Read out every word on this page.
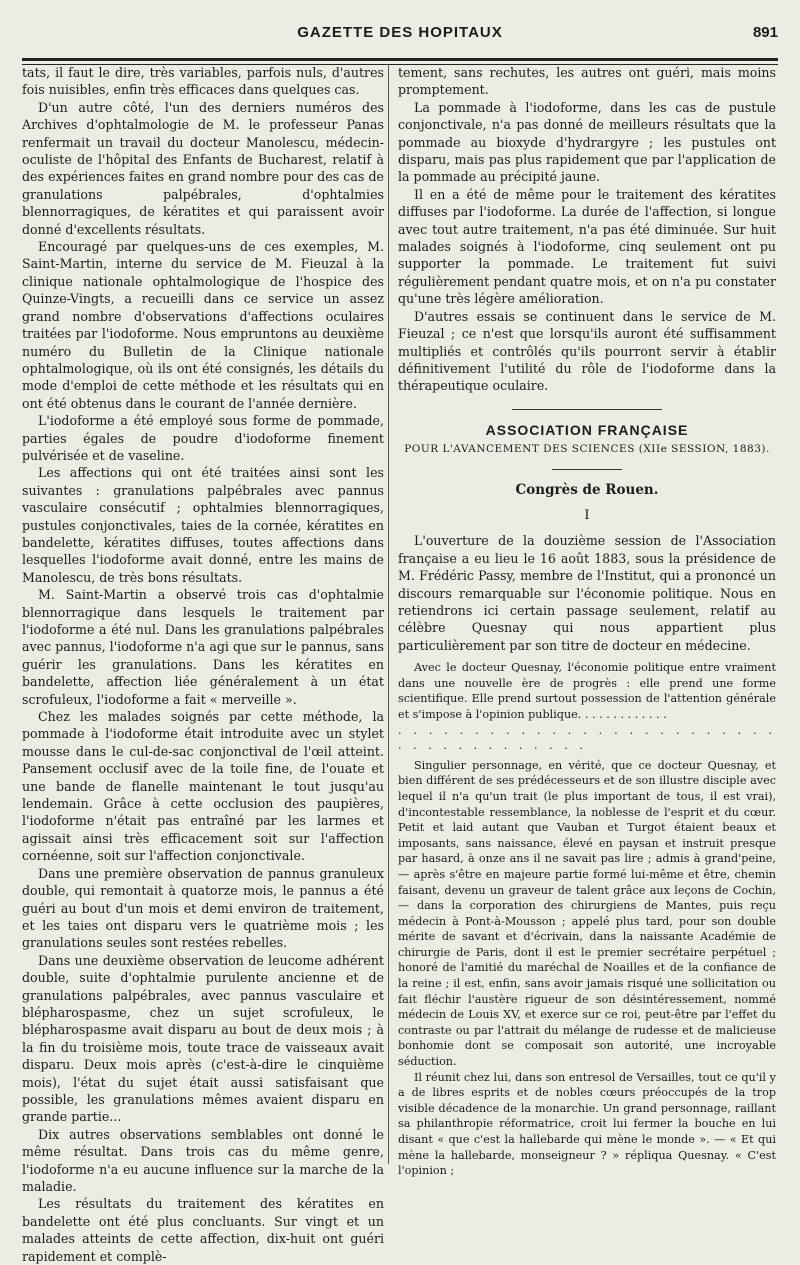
GAZETTE DES HOPITAUX	891

tats, il faut le dire, très variables, parfois nuls, d'autres fois nuisibles, enfin très efficaces dans quelques cas.

D'un autre côté, l'un des derniers numéros des Archives d'ophtalmologie de M. le professeur Panas renfermait un travail du docteur Manolescu, médecin-oculiste de l'hôpital des Enfants de Bucharest, relatif à des expériences faites en grand nombre pour des cas de granulations palpébrales, d'ophtalmies blennorragiques, de kératites et qui paraissent avoir donné d'excellents résultats.

Encouragé par quelques-uns de ces exemples, M. Saint-Martin, interne du service de M. Fieuzal à la clinique nationale ophtalmologique de l'hospice des Quinze-Vingts, a recueilli dans ce service un assez grand nombre d'observations d'affections oculaires traitées par l'iodoforme. Nous empruntons au deuxième numéro du Bulletin de la Clinique nationale ophtalmologique, où ils ont été consignés, les détails du mode d'emploi de cette méthode et les résultats qui en ont été obtenus dans le courant de l'année dernière.

L'iodoforme a été employé sous forme de pommade, parties égales de poudre d'iodoforme finement pulvérisée et de vaseline.

Les affections qui ont été traitées ainsi sont les suivantes : granulations palpébrales avec pannus vasculaire consécutif ; ophtalmies blennorragiques, pustules conjonctivales, taies de la cornée, kératites en bandelette, kératites diffuses, toutes affections dans lesquelles l'iodoforme avait donné, entre les mains de Manolescu, de très bons résultats.

M. Saint-Martin a observé trois cas d'ophtalmie blennorragique dans lesquels le traitement par l'iodoforme a été nul. Dans les granulations palpébrales avec pannus, l'iodoforme n'a agi que sur le pannus, sans guérir les granulations. Dans les kératites en bandelette, affection liée généralement à un état scrofuleux, l'iodoforme a fait « merveille ».

Chez les malades soignés par cette méthode, la pommade à l'iodoforme était introduite avec un stylet mousse dans le cul-de-sac conjonctival de l'œil atteint. Pansement occlusif avec de la toile fine, de l'ouate et une bande de flanelle maintenant le tout jusqu'au lendemain. Grâce à cette occlusion des paupières, l'iodoforme n'était pas entraîné par les larmes et agissait ainsi très efficacement soit sur l'affection cornéenne, soit sur l'affection conjonctivale.

Dans une première observation de pannus granuleux double, qui remontait à quatorze mois, le pannus a été guéri au bout d'un mois et demi environ de traitement, et les taies ont disparu vers le quatrième mois ; les granulations seules sont restées rebelles.

Dans une deuxième observation de leucome adhérent double, suite d'ophtalmie purulente ancienne et de granulations palpébrales, avec pannus vasculaire et blépharospasme, chez un sujet scrofuleux, le blépharospasme avait disparu au bout de deux mois ; à la fin du troisième mois, toute trace de vaisseaux avait disparu. Deux mois après (c'est-à-dire le cinquième mois), l'état du sujet était aussi satisfaisant que possible, les granulations mêmes avaient disparu en grande partie...

Dix autres observations semblables ont donné le même résultat. Dans trois cas du même genre, l'iodoforme n'a eu aucune influence sur la marche de la maladie.

Les résultats du traitement des kératites en bandelette ont été plus concluants. Sur vingt et un malades atteints de cette affection, dix-huit ont guéri rapidement et complè-

tement, sans rechutes, les autres ont guéri, mais moins promptement.

La pommade à l'iodoforme, dans les cas de pustule conjonctivale, n'a pas donné de meilleurs résultats que la pommade au bioxyde d'hydrargyre ; les pustules ont disparu, mais pas plus rapidement que par l'application de la pommade au précipité jaune.

Il en a été de même pour le traitement des kératites diffuses par l'iodoforme. La durée de l'affection, si longue avec tout autre traitement, n'a pas été diminuée. Sur huit malades soignés à l'iodoforme, cinq seulement ont pu supporter la pommade. Le traitement fut suivi régulièrement pendant quatre mois, et on n'a pu constater qu'une très légère amélioration.

D'autres essais se continuent dans le service de M. Fieuzal ; ce n'est que lorsqu'ils auront été suffisamment multipliés et contrôlés qu'ils pourront servir à établir définitivement l'utilité du rôle de l'iodoforme dans la thérapeutique oculaire.

ASSOCIATION FRANÇAISE
POUR L'AVANCEMENT DES SCIENCES (XIIe SESSION, 1883).
Congrès de Rouen.
I

L'ouverture de la douzième session de l'Association française a eu lieu le 16 août 1883, sous la présidence de M. Frédéric Passy, membre de l'Institut, qui a prononcé un discours remarquable sur l'économie politique. Nous en retiendrons ici certain passage seulement, relatif au célèbre Quesnay qui nous appartient plus particulièrement par son titre de docteur en médecine.

Avec le docteur Quesnay, l'économie politique entre vraiment dans une nouvelle ère de progrès : elle prend une forme scientifique. Elle prend surtout possession de l'attention générale et s'impose à l'opinion publique. . . . . . . . . . . . .

. . . . . . . . . . . . . . . . . . . . . . . . . . . . . . . . . . . . . .

Singulier personnage, en vérité, que ce docteur Quesnay, et bien différent de ses prédécesseurs et de son illustre disciple avec lequel il n'a qu'un trait (le plus important de tous, il est vrai), d'incontestable ressemblance, la noblesse de l'esprit et du cœur. Petit et laid autant que Vauban et Turgot étaient beaux et imposants, sans naissance, élevé en paysan et instruit presque par hasard, à onze ans il ne savait pas lire ; admis à grand'peine, — après s'être en majeure partie formé lui-même et être, chemin faisant, devenu un graveur de talent grâce aux leçons de Cochin, — dans la corporation des chirurgiens de Mantes, puis reçu médecin à Pont-à-Mousson ; appelé plus tard, pour son double mérite de savant et d'écrivain, dans la naissante Académie de chirurgie de Paris, dont il est le premier secrétaire perpétuel ; honoré de l'amitié du maréchal de Noailles et de la confiance de la reine ; il est, enfin, sans avoir jamais risqué une sollicitation ou fait fléchir l'austère rigueur de son désintéressement, nommé médecin de Louis XV, et exerce sur ce roi, peut-être par l'effet du contraste ou par l'attrait du mélange de rudesse et de malicieuse bonhomie dont se composait son autorité, une incroyable séduction.

Il réunit chez lui, dans son entresol de Versailles, tout ce qu'il y a de libres esprits et de nobles cœurs préoccupés de la trop visible décadence de la monarchie. Un grand personnage, raillant sa philanthropie réformatrice, croit lui fermer la bouche en lui disant « que c'est la hallebarde qui mène le monde ». — « Et qui mène la hallebarde, monseigneur ? » répliqua Quesnay. « C'est l'opinion ;
